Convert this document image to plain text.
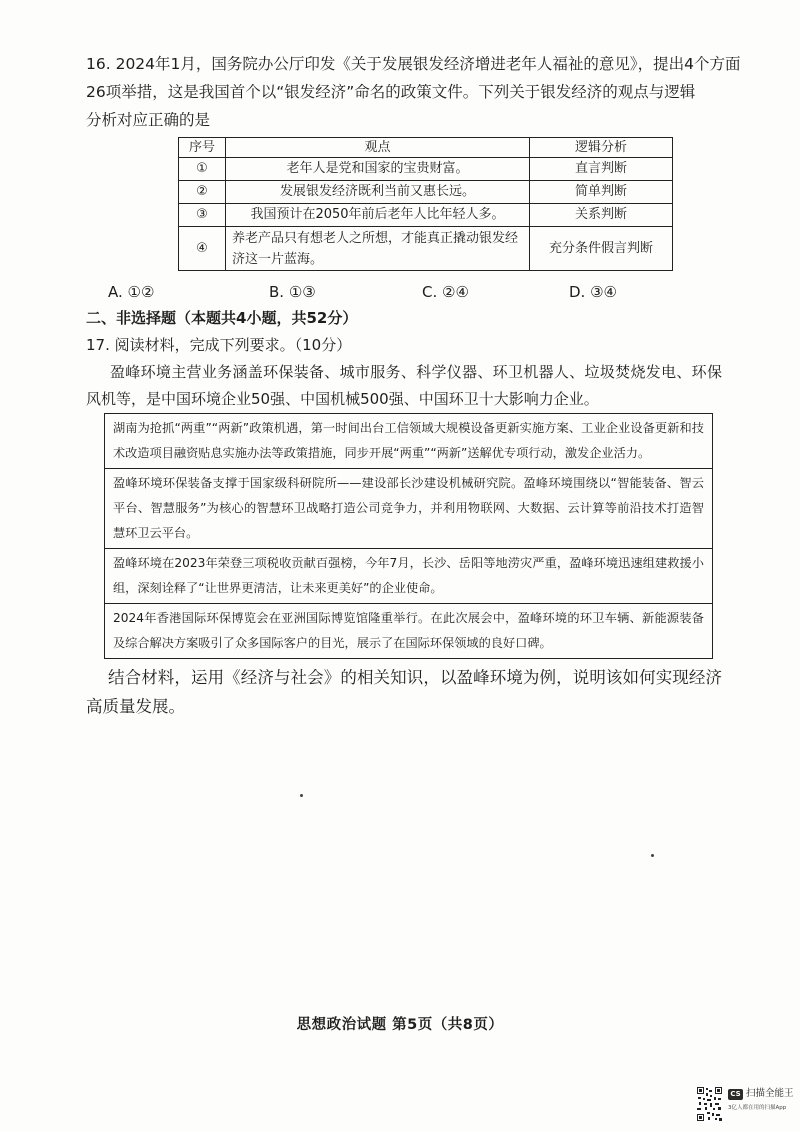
16. 2024年1月，国务院办公厅印发《关于发展银发经济增进老年人福祉的意见》，提出4个方面
26项举措，这是我国首个以“银发经济”命名的政策文件。下列关于银发经济的观点与逻辑
分析对应正确的是
序号	观点	逻辑分析
①	老年人是党和国家的宝贵财富。	直言判断
②	发展银发经济既利当前又惠长远。	简单判断
③	我国预计在2050年前后老年人比年轻人多。	关系判断
④	养老产品只有想老人之所想，才能真正撬动银发经济这一片蓝海。	充分条件假言判断
A. ①②	B. ①③	C. ②④	D. ③④
二、非选择题（本题共4小题，共52分）
17. 阅读材料，完成下列要求。（10分）

盈峰环境主营业务涵盖环保装备、城市服务、科学仪器、环卫机器人、垃圾焚烧发电、环保风机等，是中国环境企业50强、中国机械500强、中国环卫十大影响力企业。

湖南为抢抓“两重”“两新”政策机遇，第一时间出台工信领域大规模设备更新实施方案、工业企业设备更新和技术改造项目融资贴息实施办法等政策措施，同步开展“两重”“两新”送解优专项行动，激发企业活力。
盈峰环境环保装备支撑于国家级科研院所——建设部长沙建设机械研究院。盈峰环境围绕以“智能装备、智云平台、智慧服务”为核心的智慧环卫战略打造公司竞争力，并利用物联网、大数据、云计算等前沿技术打造智慧环卫云平台。
盈峰环境在2023年荣登三项税收贡献百强榜，今年7月，长沙、岳阳等地涝灾严重，盈峰环境迅速组建救援小组，深刻诠释了“让世界更清洁，让未来更美好”的企业使命。
2024年香港国际环保博览会在亚洲国际博览馆隆重举行。在此次展会中，盈峰环境的环卫车辆、新能源装备及综合解决方案吸引了众多国际客户的目光，展示了在国际环保领域的良好口碑。

结合材料，运用《经济与社会》的相关知识，以盈峰环境为例，说明该如何实现经济高质量发展。

思想政治试题 第5页（共8页）
CS 扫描全能王
3亿人都在用的扫描App
